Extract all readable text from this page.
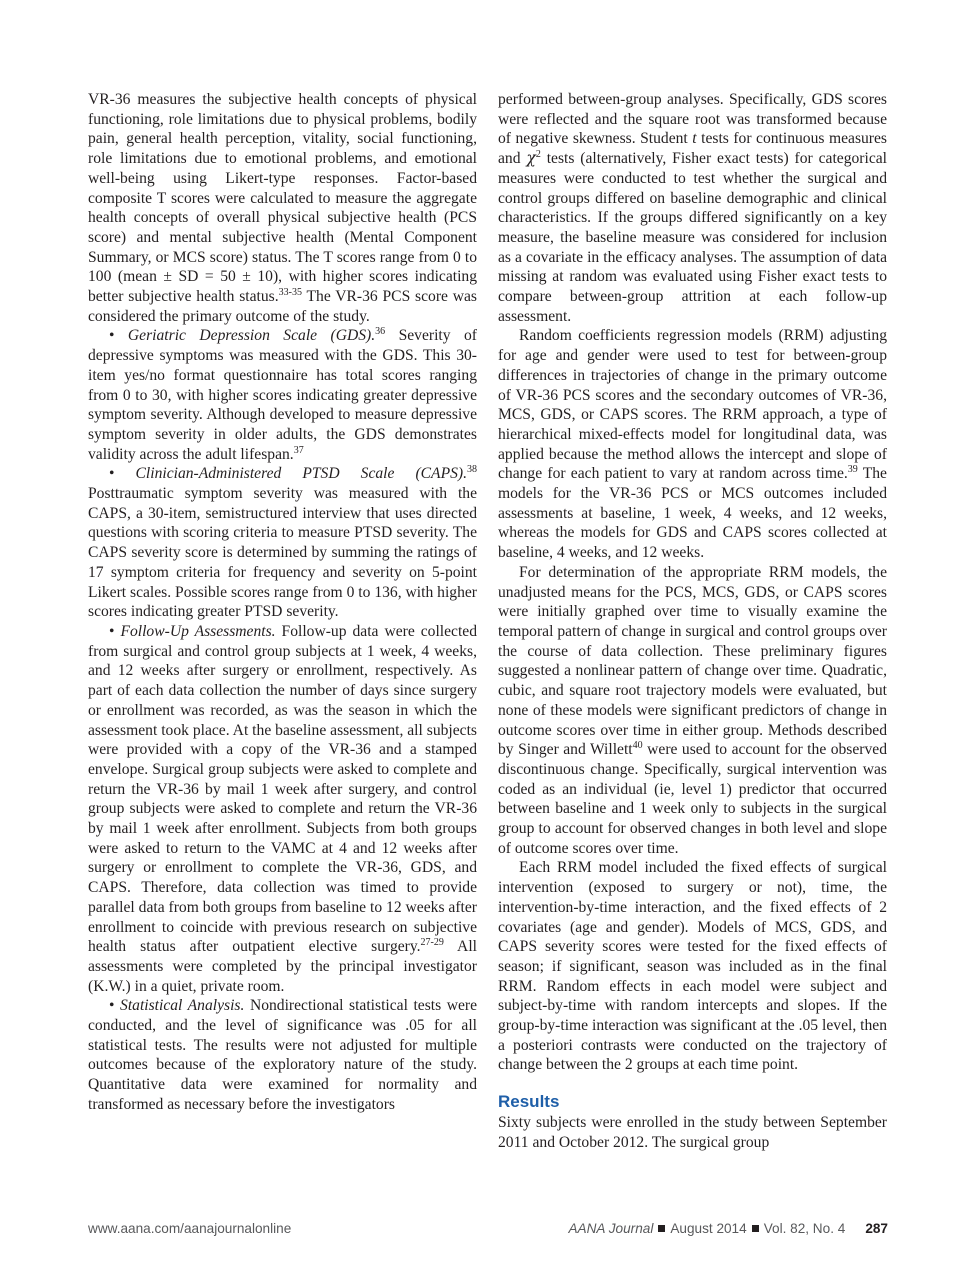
VR-36 measures the subjective health concepts of physical functioning, role limitations due to physical problems, bodily pain, general health perception, vitality, social functioning, role limitations due to emotional problems, and emotional well-being using Likert-type responses. Factor-based composite T scores were calculated to measure the aggregate health concepts of overall physical subjective health (PCS score) and mental subjective health (Mental Component Summary, or MCS score) status. The T scores range from 0 to 100 (mean ± SD = 50 ± 10), with higher scores indicating better subjective health status.$^{33-35}$ The VR-36 PCS score was considered the primary outcome of the study.

• Geriatric Depression Scale (GDS).$^{36}$ Severity of depressive symptoms was measured with the GDS. This 30-item yes/no format questionnaire has total scores ranging from 0 to 30, with higher scores indicating greater depressive symptom severity. Although developed to measure depressive symptom severity in older adults, the GDS demonstrates validity across the adult lifespan.$^{37}$

• Clinician-Administered PTSD Scale (CAPS).$^{38}$ Posttraumatic symptom severity was measured with the CAPS, a 30-item, semistructured interview that uses directed questions with scoring criteria to measure PTSD severity. The CAPS severity score is determined by summing the ratings of 17 symptom criteria for frequency and severity on 5-point Likert scales. Possible scores range from 0 to 136, with higher scores indicating greater PTSD severity.

• Follow-Up Assessments. Follow-up data were collected from surgical and control group subjects at 1 week, 4 weeks, and 12 weeks after surgery or enrollment, respectively. As part of each data collection the number of days since surgery or enrollment was recorded, as was the season in which the assessment took place. At the baseline assessment, all subjects were provided with a copy of the VR-36 and a stamped envelope. Surgical group subjects were asked to complete and return the VR-36 by mail 1 week after surgery, and control group subjects were asked to complete and return the VR-36 by mail 1 week after enrollment. Subjects from both groups were asked to return to the VAMC at 4 and 12 weeks after surgery or enrollment to complete the VR-36, GDS, and CAPS. Therefore, data collection was timed to provide parallel data from both groups from baseline to 12 weeks after enrollment to coincide with previous research on subjective health status after outpatient elective surgery.$^{27-29}$ All assessments were completed by the principal investigator (K.W.) in a quiet, private room.

• Statistical Analysis. Nondirectional statistical tests were conducted, and the level of significance was .05 for all statistical tests. The results were not adjusted for multiple outcomes because of the exploratory nature of the study. Quantitative data were examined for normality and transformed as necessary before the investigators

performed between-group analyses. Specifically, GDS scores were reflected and the square root was transformed because of negative skewness. Student t tests for continuous measures and $\chi^2$ tests (alternatively, Fisher exact tests) for categorical measures were conducted to test whether the surgical and control groups differed on baseline demographic and clinical characteristics. If the groups differed significantly on a key measure, the baseline measure was considered for inclusion as a covariate in the efficacy analyses. The assumption of data missing at random was evaluated using Fisher exact tests to compare between-group attrition at each follow-up assessment.

Random coefficients regression models (RRM) adjusting for age and gender were used to test for between-group differences in trajectories of change in the primary outcome of VR-36 PCS scores and the secondary outcomes of VR-36, MCS, GDS, or CAPS scores. The RRM approach, a type of hierarchical mixed-effects model for longitudinal data, was applied because the method allows the intercept and slope of change for each patient to vary at random across time.$^{39}$ The models for the VR-36 PCS or MCS outcomes included assessments at baseline, 1 week, 4 weeks, and 12 weeks, whereas the models for GDS and CAPS scores collected at baseline, 4 weeks, and 12 weeks.

For determination of the appropriate RRM models, the unadjusted means for the PCS, MCS, GDS, or CAPS scores were initially graphed over time to visually examine the temporal pattern of change in surgical and control groups over the course of data collection. These preliminary figures suggested a nonlinear pattern of change over time. Quadratic, cubic, and square root trajectory models were evaluated, but none of these models were significant predictors of change in outcome scores over time in either group. Methods described by Singer and Willett$^{40}$ were used to account for the observed discontinuous change. Specifically, surgical intervention was coded as an individual (ie, level 1) predictor that occurred between baseline and 1 week only to subjects in the surgical group to account for observed changes in both level and slope of outcome scores over time.

Each RRM model included the fixed effects of surgical intervention (exposed to surgery or not), time, the intervention-by-time interaction, and the fixed effects of 2 covariates (age and gender). Models of MCS, GDS, and CAPS severity scores were tested for the fixed effects of season; if significant, season was included as in the final RRM. Random effects in each model were subject and subject-by-time with random intercepts and slopes. If the group-by-time interaction was significant at the .05 level, then a posteriori contrasts were conducted on the trajectory of change between the 2 groups at each time point.

Results

Sixty subjects were enrolled in the study between September 2011 and October 2012. The surgical group

www.aana.com/aanajournalonline	AANA Journal August 2014 Vol. 82, No. 4 287
